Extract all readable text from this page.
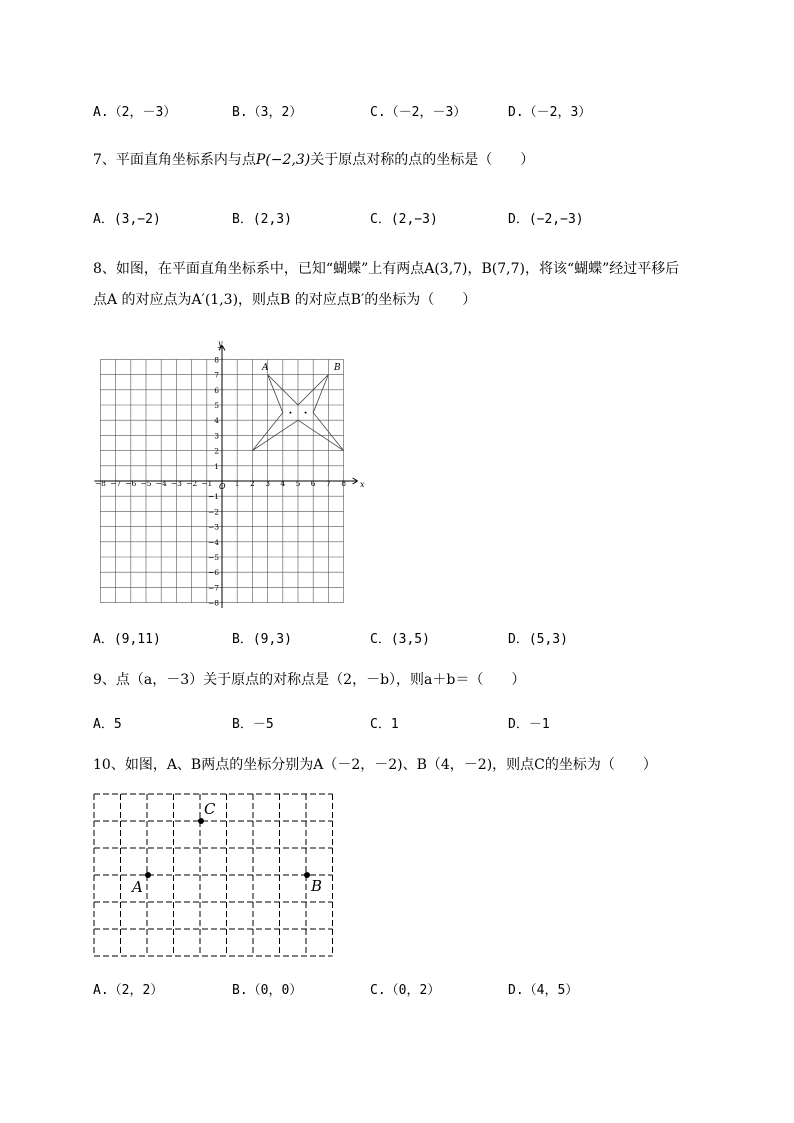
A.（2，－3）	B.（3，2）	C.（－2，－3）	D.（－2，3）
7、平面直角坐标系内与点P(−2,3)关于原点对称的点的坐标是（　　）
A．(3,−2)	B．(2,3)	C．(2,−3)	D．(−2,−3)
8、如图，在平面直角坐标系中，已知“蝴蝶”上有两点A(3,7)，B(7,7)，将该“蝴蝶”经过平移后
点A 的对应点为A′(1,3)，则点B 的对应点B′的坐标为（　　）
−8 −7 −6 −5 −4 −3 −2 −1	1 2 3 4 5 6 7 8
8
7
6
5
4
3
2
1
−1
−2
−3
−4
−5
−6
−7
−8
A	B
x
y
O
A．(9,11)	B．(9,3)	C．(3,5)	D．(5,3)
9、点（a，－3）关于原点的对称点是（2，－b），则a＋b＝（　　）
A．5	B．－5	C．1	D．－1
10、如图，A、B两点的坐标分别为A（－2，－2)、B（4，－2)，则点C的坐标为（　　）
A	B
C
A.（2，2）	B.（0，0）	C.（0，2）	D.（4，5）
